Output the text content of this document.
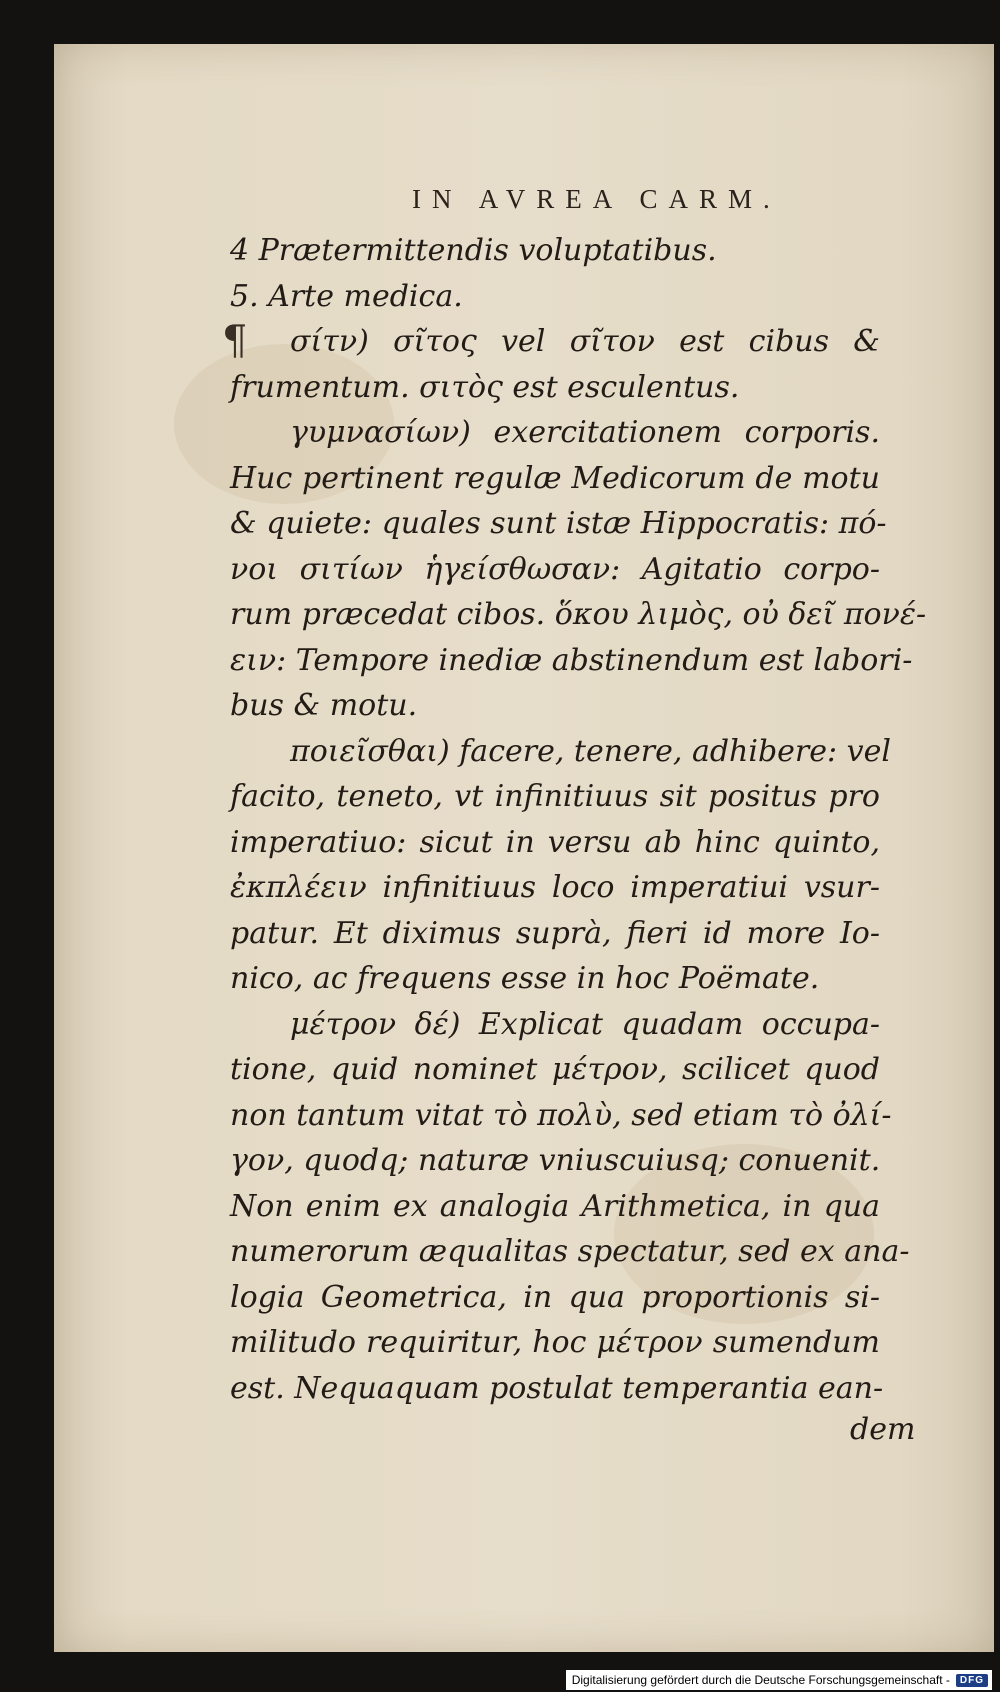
IN AVREA CARM.
¶
4 Prætermittendis voluptatibus.
5. Arte medica.
σίτν) σῖτος vel σῖτον est cibus &
frumentum. σιτὸς est esculentus.
γυμνασίων) exercitationem corporis.
Huc pertinent regulæ Medicorum de motu
& quiete: quales sunt istæ Hippocratis: πό-
νοι σιτίων ἡγείσθωσαν: Agitatio corpo-
rum præcedat cibos. ὅκου λιμὸς, οὐ δεῖ πονέ-
ειν: Tempore inediæ abstinendum est labori-
bus & motu.
ποιεῖσθαι) facere, tenere, adhibere: vel
facito, teneto, vt infinitiuus sit positus pro
imperatiuo: sicut in versu ab hinc quinto,
ἐκπλέειν infinitiuus loco imperatiui vsur-
patur. Et diximus suprà, fieri id more Io-
nico, ac frequens esse in hoc Poëmate.
μέτρον δέ) Explicat quadam occupa-
tione, quid nominet μέτρον, scilicet quod
non tantum vitat τὸ πολὺ, sed etiam τὸ ὀλί-
γον, quodq; naturæ vniuscuiusq; conuenit.
Non enim ex analogia Arithmetica, in qua
numerorum æqualitas spectatur, sed ex ana-
logia Geometrica, in qua proportionis si-
militudo requiritur, hoc μέτρον sumendum
est. Nequaquam postulat temperantia ean-
dem
Digitalisierung gefördert durch die Deutsche Forschungsgemeinschaft -	DFG
